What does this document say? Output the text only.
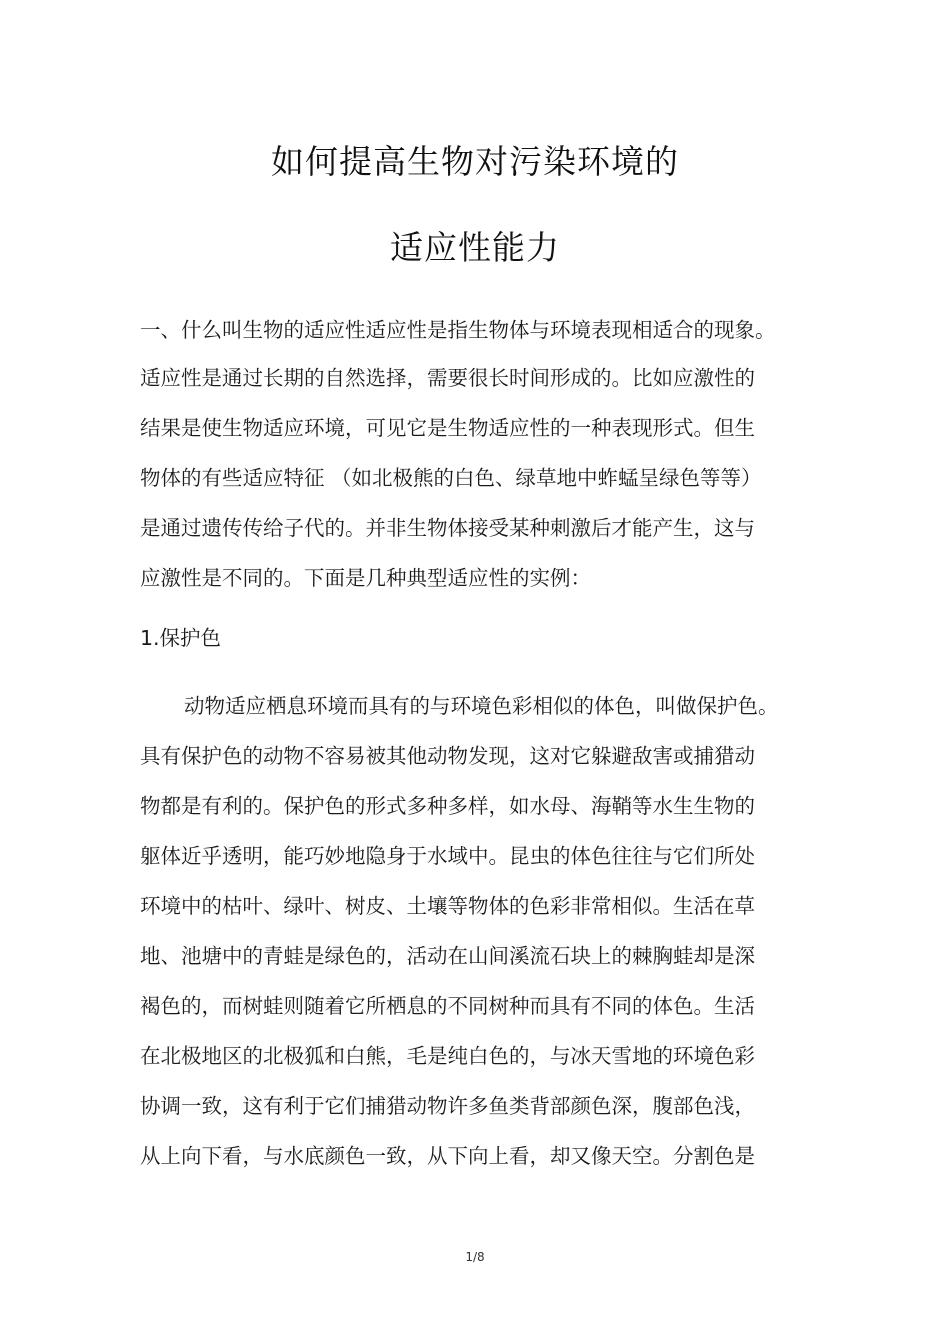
如何提高生物对污染环境的
适应性能力

一、什么叫生物的适应性适应性是指生物体与环境表现相适合的现象。

适应性是通过长期的自然选择，需要很长时间形成的。比如应激性的

结果是使生物适应环境，可见它是生物适应性的一种表现形式。但生

物体的有些适应特征 （如北极熊的白色、绿草地中蚱蜢呈绿色等等）

是通过遗传传给子代的。并非生物体接受某种刺激后才能产生，这与

应激性是不同的。下面是几种典型适应性的实例：

1.保护色

动物适应栖息环境而具有的与环境色彩相似的体色，叫做保护色。

具有保护色的动物不容易被其他动物发现，这对它躲避敌害或捕猎动

物都是有利的。保护色的形式多种多样，如水母、海鞘等水生生物的

躯体近乎透明，能巧妙地隐身于水域中。昆虫的体色往往与它们所处

环境中的枯叶、绿叶、树皮、土壤等物体的色彩非常相似。生活在草

地、池塘中的青蛙是绿色的，活动在山间溪流石块上的棘胸蛙却是深

褐色的，而树蛙则随着它所栖息的不同树种而具有不同的体色。生活

在北极地区的北极狐和白熊，毛是纯白色的，与冰天雪地的环境色彩

协调一致，这有利于它们捕猎动物许多鱼类背部颜色深，腹部色浅，

从上向下看，与水底颜色一致，从下向上看，却又像天空。分割色是

1/8
